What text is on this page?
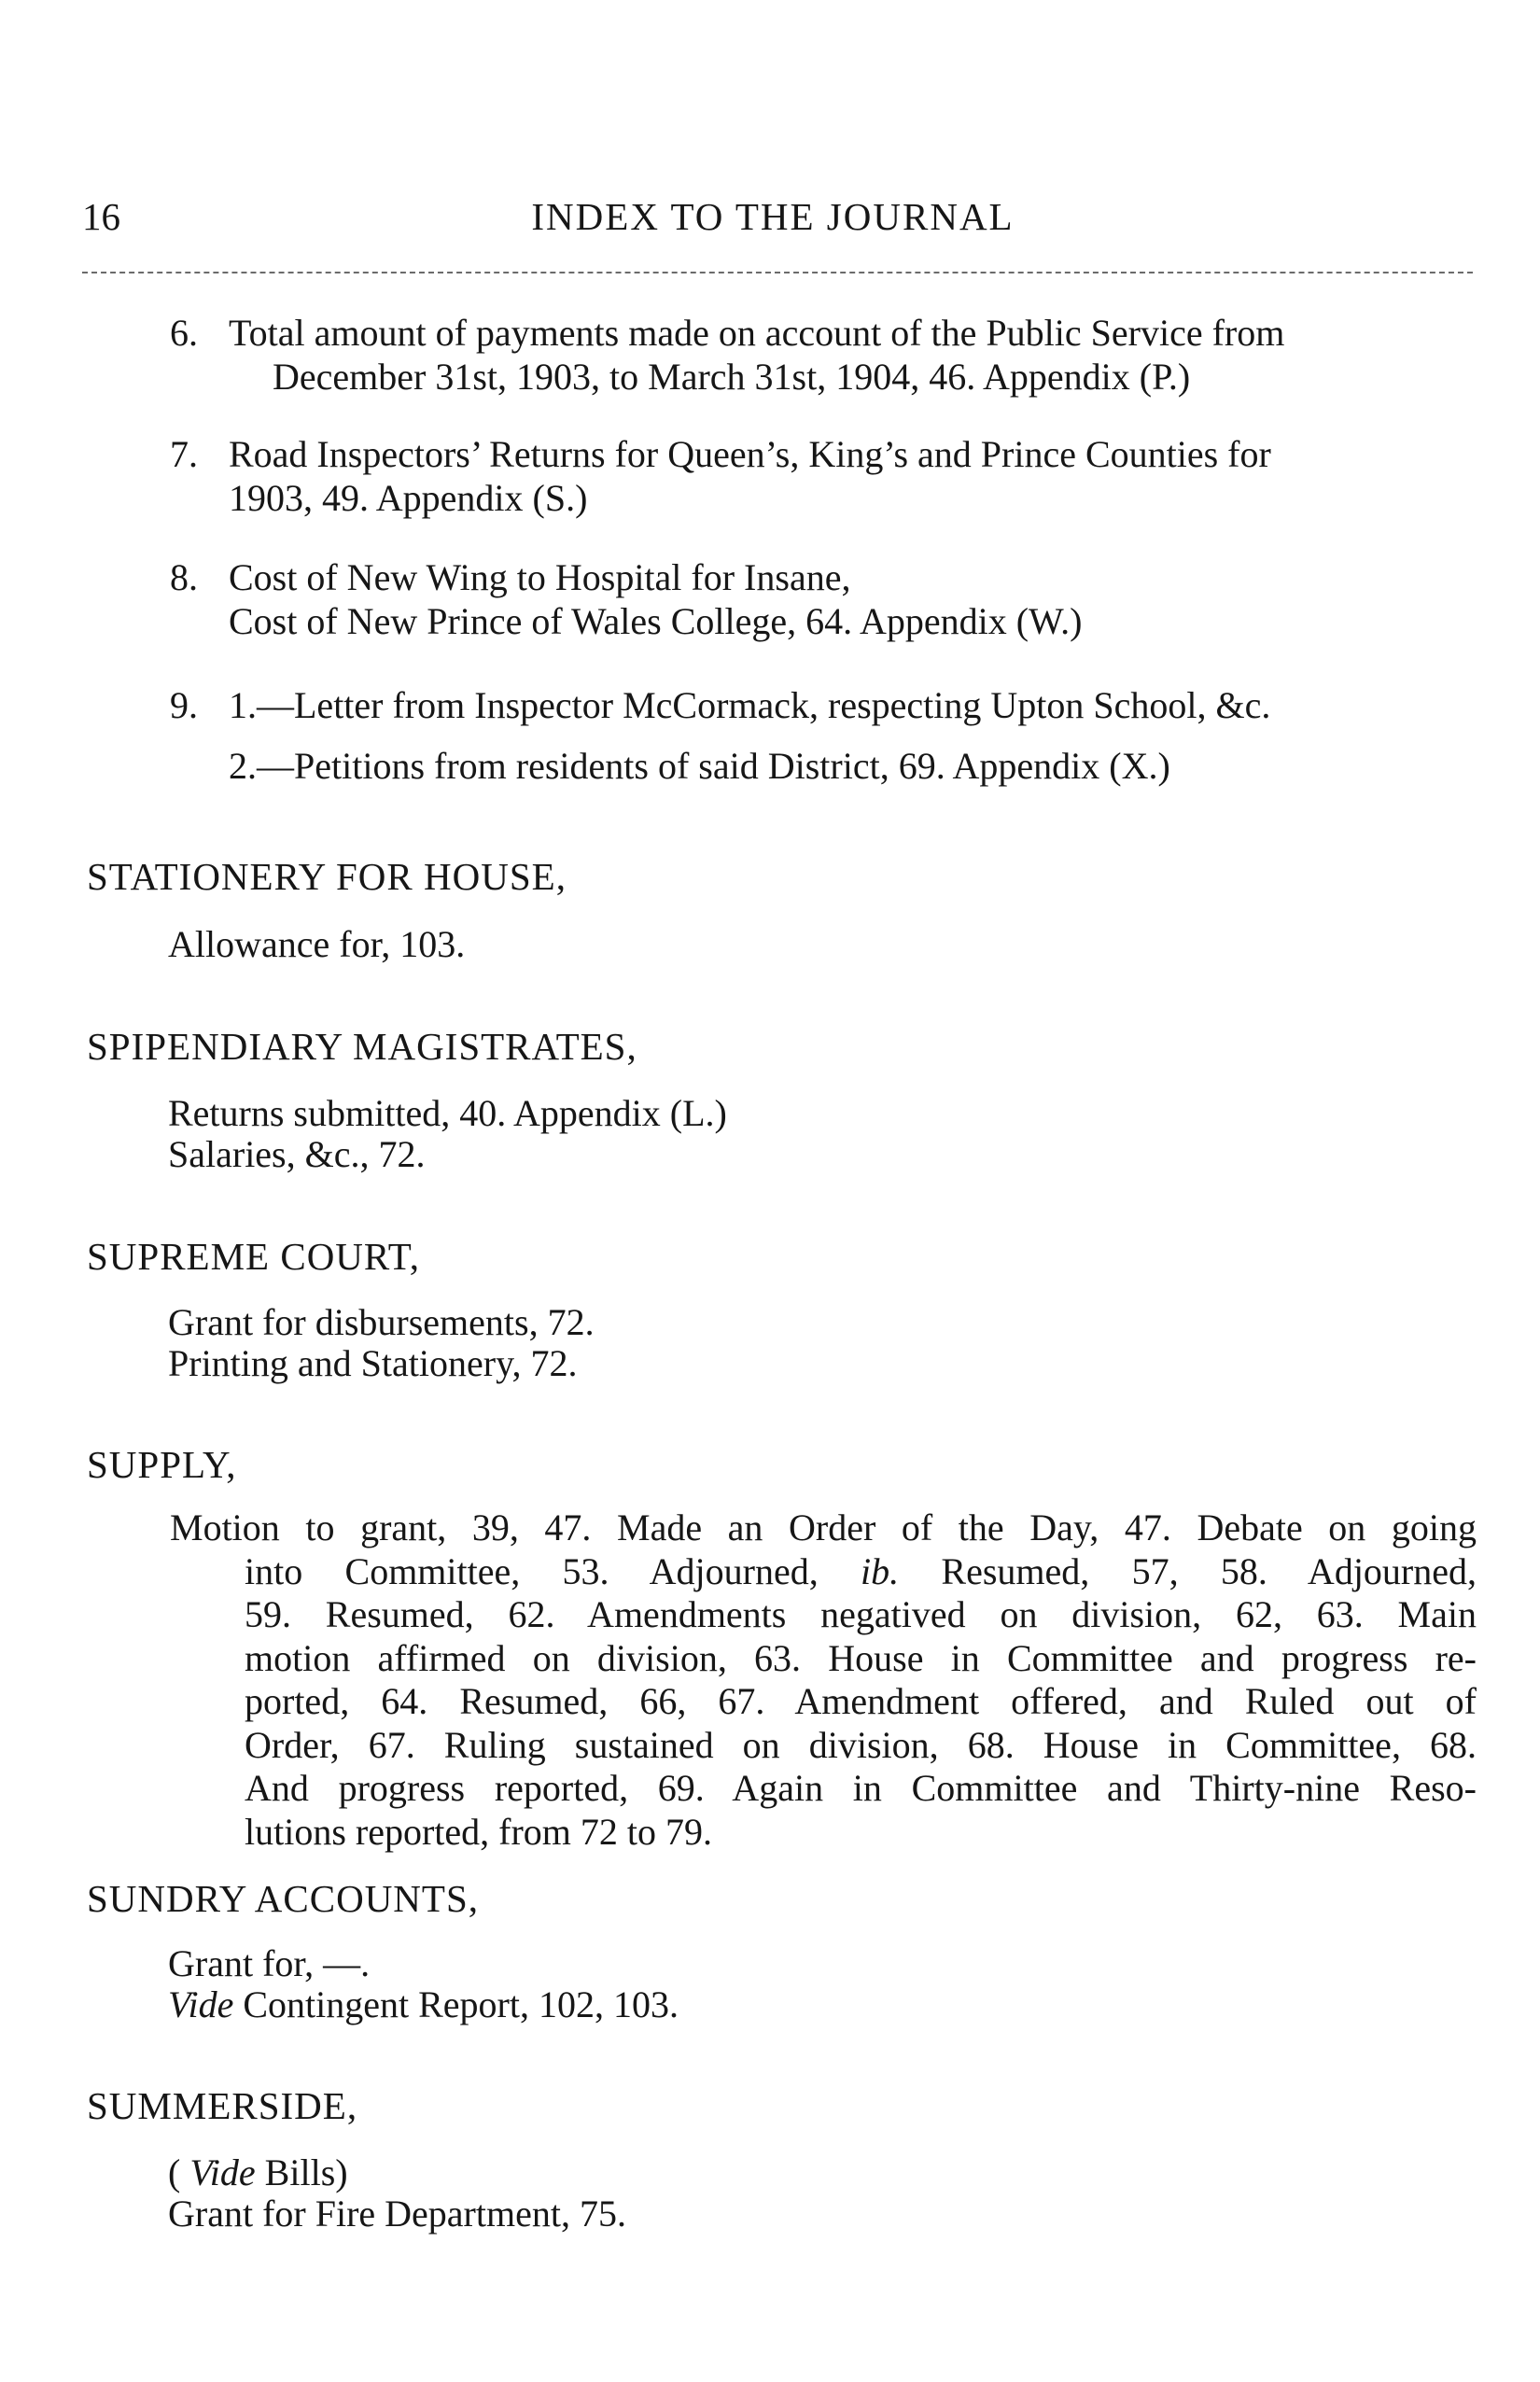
16	INDEX TO THE JOURNAL
6. Total amount of payments made on account of the Public Service from
December 31st, 1903, to March 31st, 1904, 46. Appendix (P.)
7. Road Inspectors’ Returns for Queen’s, King’s and Prince Counties for
1903, 49. Appendix (S.)
8. Cost of New Wing to Hospital for Insane,
Cost of New Prince of Wales College, 64. Appendix (W.)
9. 1.—Letter from Inspector McCormack, respecting Upton School, &c.
2.—Petitions from residents of said District, 69. Appendix (X.)
STATIONERY FOR HOUSE,
Allowance for, 103.
SPIPENDIARY MAGISTRATES,
Returns submitted, 40. Appendix (L.)
Salaries, &c., 72.
SUPREME COURT,
Grant for disbursements, 72.
Printing and Stationery, 72.
SUPPLY,
Motion to grant, 39, 47. Made an Order of the Day, 47. Debate on going
into Committee, 53. Adjourned, ib. Resumed, 57, 58. Adjourned,
59. Resumed, 62. Amendments negatived on division, 62, 63. Main
motion affirmed on division, 63. House in Committee and progress re-
ported, 64. Resumed, 66, 67. Amendment offered, and Ruled out of
Order, 67. Ruling sustained on division, 68. House in Committee, 68.
And progress reported, 69. Again in Committee and Thirty-nine Reso-
lutions reported, from 72 to 79.
SUNDRY ACCOUNTS,
Grant for, —.
Vide Contingent Report, 102, 103.
SUMMERSIDE,
( Vide Bills)
Grant for Fire Department, 75.
